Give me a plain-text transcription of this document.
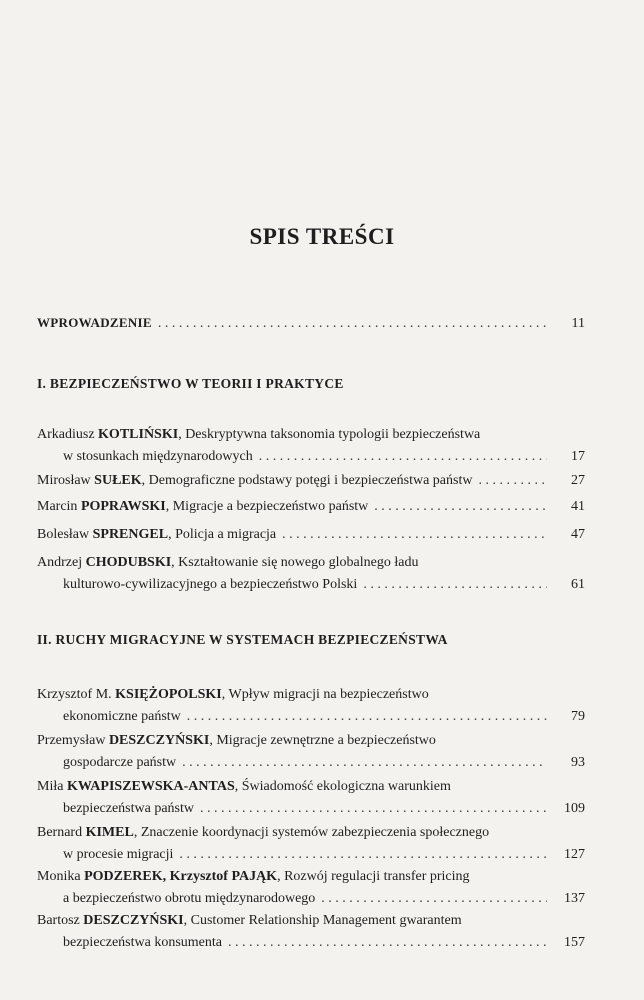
SPIS TREŚCI
WPROWADZENIE . . .	11
I. BEZPIECZEŃSTWO W TEORII I PRAKTYCE
Arkadiusz KOTLIŃSKI , Deskryptywna taksonomia typologii bezpieczeństwa
w stosunkach międzynarodowych . . .	17
Mirosław SUŁEK , Demograficzne podstawy potęgi i bezpieczeństwa państw . . .	27
Marcin POPRAWSKI , Migracje a bezpieczeństwo państw . . .	41
Bolesław SPRENGEL , Policja a migracja . . .	47
Andrzej CHODUBSKI , Kształtowanie się nowego globalnego ładu
kulturowo-cywilizacyjnego a bezpieczeństwo Polski . . .	61
II. RUCHY MIGRACYJNE W SYSTEMACH BEZPIECZEŃSTWA
Krzysztof M. KSIĘŻOPOLSKI , Wpływ migracji na bezpieczeństwo
ekonomiczne państw . . .	79
Przemysław DESZCZYŃSKI , Migracje zewnętrzne a bezpieczeństwo
gospodarcze państw . . .	93
Miła KWAPISZEWSKA-ANTAS , Świadomość ekologiczna warunkiem
bezpieczeństwa państw . . .	109
Bernard KIMEL , Znaczenie koordynacji systemów zabezpieczenia społecznego
w procesie migracji . . .	127
Monika PODZEREK, Krzysztof PAJĄK , Rozwój regulacji transfer pricing
a bezpieczeństwo obrotu międzynarodowego . . .	137
Bartosz DESZCZYŃSKI , Customer Relationship Management gwarantem
bezpieczeństwa konsumenta . . .	157
